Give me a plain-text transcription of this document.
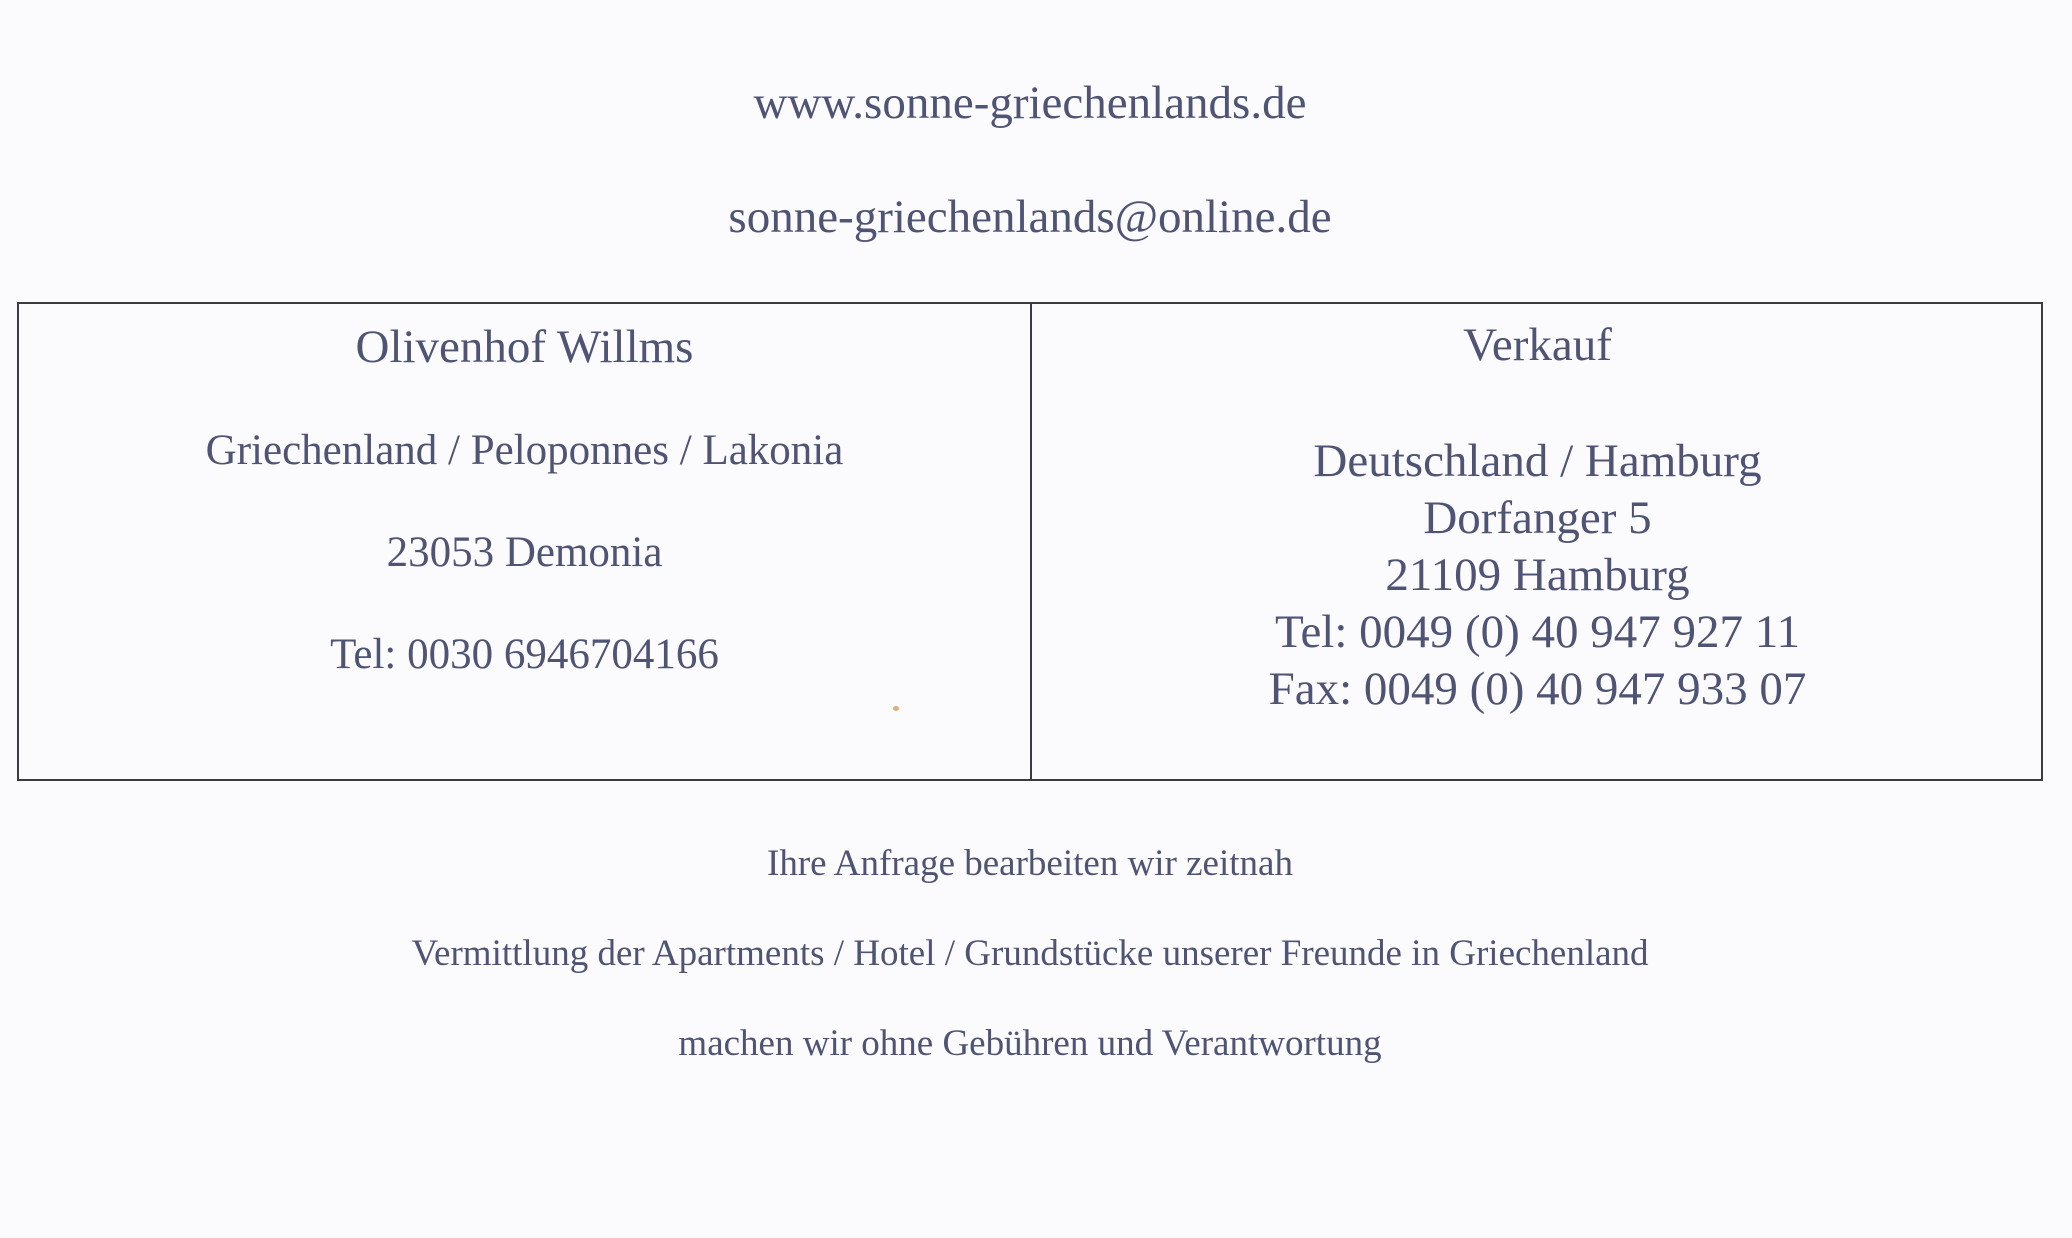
www.sonne-griechenlands.de
sonne-griechenlands@online.de
Olivenhof Willms
Griechenland / Peloponnes / Lakonia
23053 Demonia
Tel: 0030 6946704166
Verkauf
Deutschland / Hamburg
Dorfanger 5
21109 Hamburg
Tel: 0049 (0) 40 947 927 11
Fax: 0049 (0) 40 947 933 07
Ihre Anfrage bearbeiten wir zeitnah
Vermittlung der Apartments / Hotel / Grundstücke unserer Freunde in Griechenland
machen wir ohne Gebühren und Verantwortung
